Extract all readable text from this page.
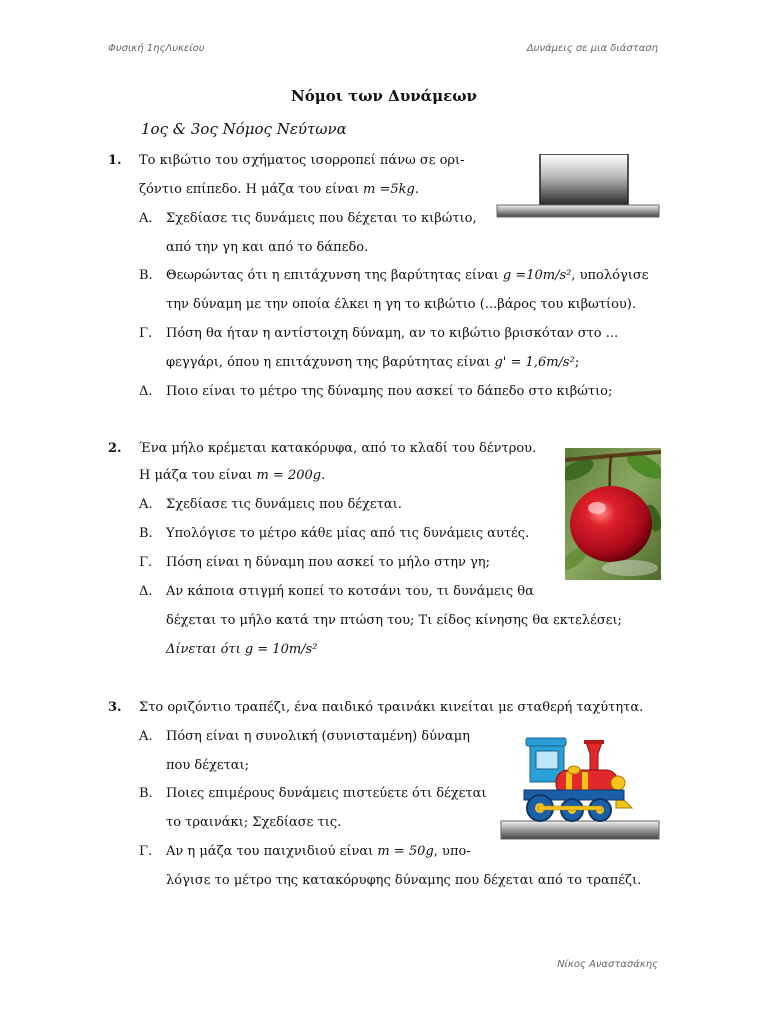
Φυσική 1ηςΛυκείου	Δυνάμεις σε μια διάσταση
Νόμοι των Δυνάμεων
1ος & 3ος Νόμος Νεύτωνα
1. Το κιβώτιο του σχήματος ισορροπεί πάνω σε ορι-
ζόντιο επίπεδο. Η μάζα του είναι m =5kg.
Α. Σχεδίασε τις δυνάμεις που δέχεται το κιβώτιο,
από την γη και από το δάπεδο.
Β. Θεωρώντας ότι η επιτάχυνση της βαρύτητας είναι g =10m/s², υπολόγισε
την δύναμη με την οποία έλκει η γη το κιβώτιο (...βάρος του κιβωτίου).
Γ. Πόση θα ήταν η αντίστοιχη δύναμη, αν το κιβώτιο βρισκόταν στο ...
φεγγάρι, όπου η επιτάχυνση της βαρύτητας είναι g' = 1,6m/s²;
Δ. Ποιο είναι το μέτρο της δύναμης που ασκεί το δάπεδο στο κιβώτιο;
2. Ένα μήλο κρέμεται κατακόρυφα, από το κλαδί του δέντρου.
Η μάζα του είναι m = 200g.
Α. Σχεδίασε τις δυνάμεις που δέχεται.
Β. Υπολόγισε το μέτρο κάθε μίας από τις δυνάμεις αυτές.
Γ. Πόση είναι η δύναμη που ασκεί το μήλο στην γη;
Δ. Αν κάποια στιγμή κοπεί το κοτσάνι του, τι δυνάμεις θα
δέχεται το μήλο κατά την πτώση του; Τι είδος κίνησης θα εκτελέσει;
Δίνεται ότι g = 10m/s²
3. Στο οριζόντιο τραπέζι, ένα παιδικό τραινάκι κινείται με σταθερή ταχύτητα.
Α. Πόση είναι η συνολική (συνισταμένη) δύναμη
που δέχεται;
Β. Ποιες επιμέρους δυνάμεις πιστεύετε ότι δέχεται
το τραινάκι; Σχεδίασε τις.
Γ. Αν η μάζα του παιχνιδιού είναι m = 50g, υπο-
λόγισε το μέτρο της κατακόρυφης δύναμης που δέχεται από το τραπέζι.
Νίκος Αναστασάκης
